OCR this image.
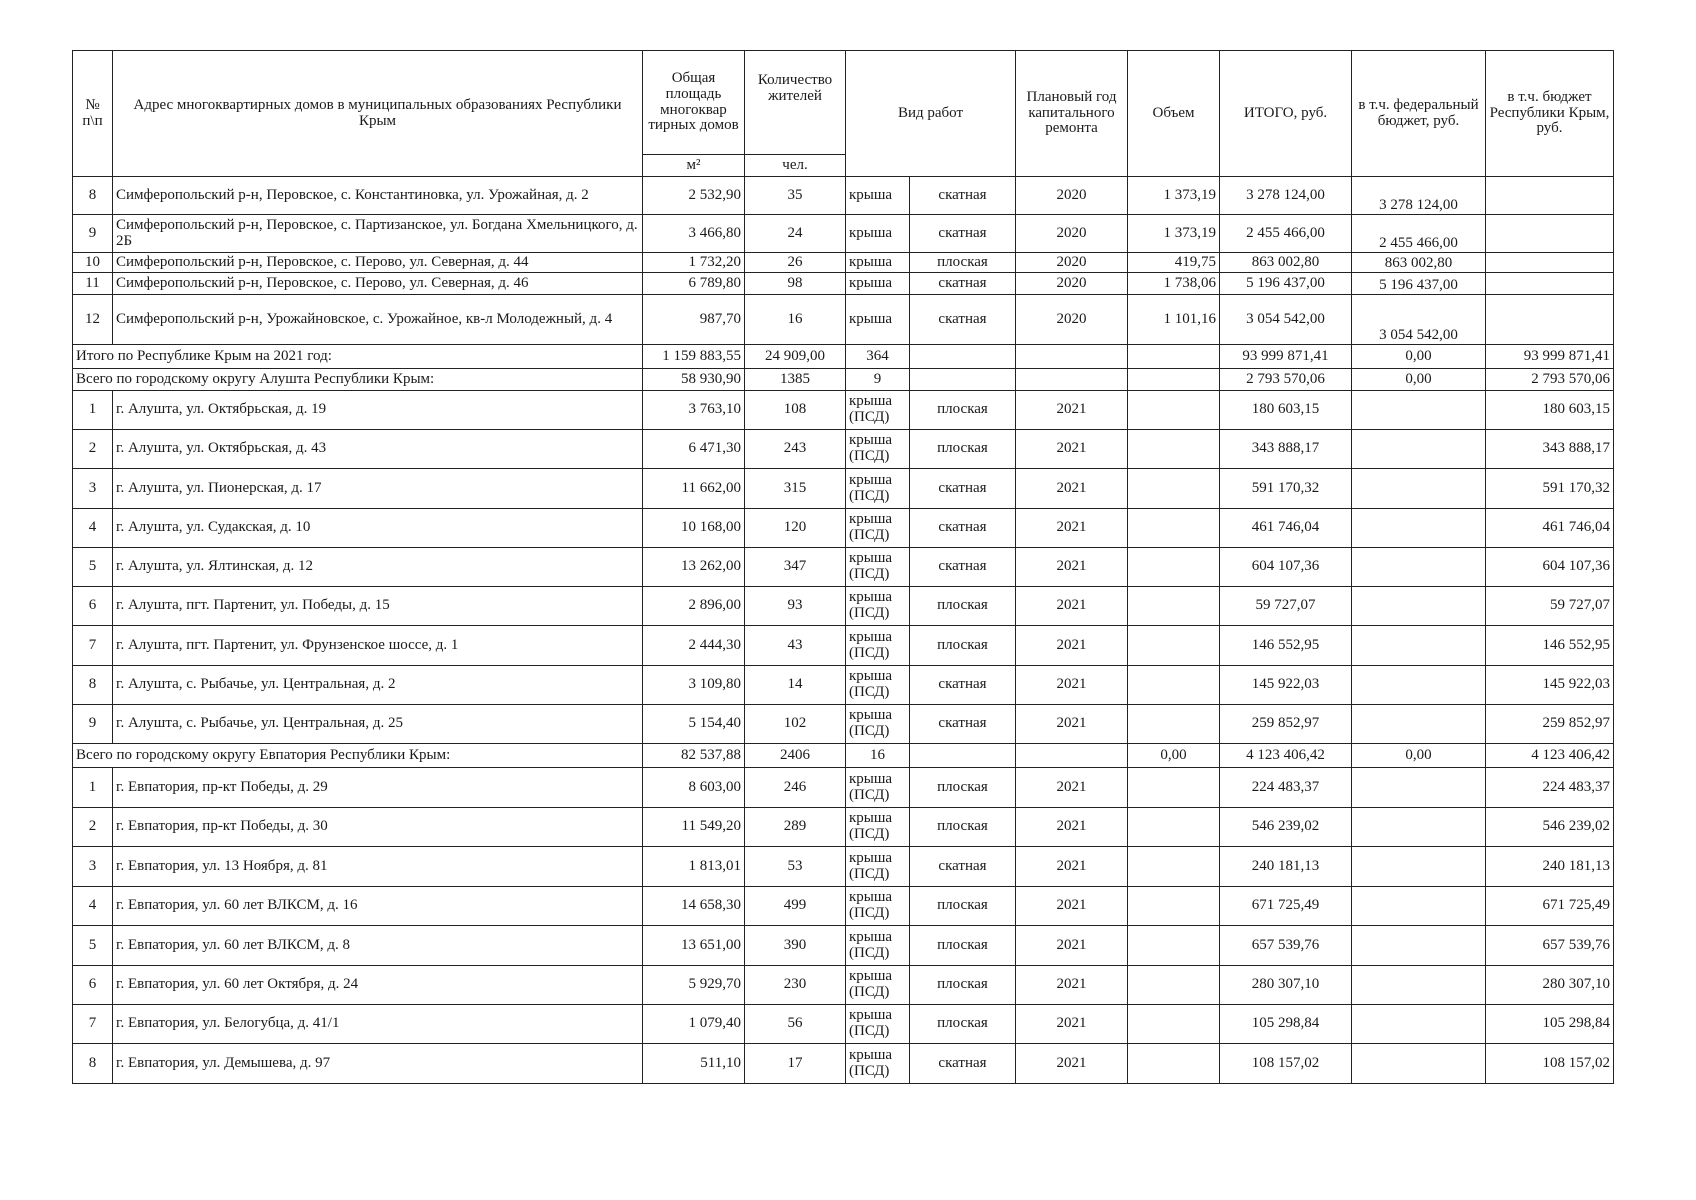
№ п\п	Адрес многоквартирных домов в муниципальных образованиях Республики Крым	Общая площадь многоквар тирных домов	Количество жителей	Вид работ		Плановый год капитального ремонта	Объем	ИТОГО, руб.	в т.ч. федеральный бюджет, руб.	в т.ч. бюджет Республики Крым, руб.
		м²	чел.							
8	Симферопольский р-н, Перовское, с. Константиновка, ул. Урожайная, д. 2	2 532,90	35	крыша	скатная	2020	1 373,19	3 278 124,00	3 278 124,00	
9	Симферопольский р-н, Перовское, с. Партизанское, ул. Богдана Хмельницкого, д. 2Б	3 466,80	24	крыша	скатная	2020	1 373,19	2 455 466,00	2 455 466,00	
10	Симферопольский р-н, Перовское, с. Перово, ул. Северная, д. 44	1 732,20	26	крыша	плоская	2020	419,75	863 002,80	863 002,80	
11	Симферопольский р-н, Перовское, с. Перово, ул. Северная, д. 46	6 789,80	98	крыша	скатная	2020	1 738,06	5 196 437,00	5 196 437,00	
12	Симферопольский р-н, Урожайновское, с. Урожайное, кв-л Молодежный, д. 4	987,70	16	крыша	скатная	2020	1 101,16	3 054 542,00	3 054 542,00	
Итого по Республике Крым на 2021 год:		1 159 883,55	24 909,00	364				93 999 871,41	0,00	93 999 871,41
Всего по городскому округу Алушта Республики Крым:		58 930,90	1385	9				2 793 570,06	0,00	2 793 570,06
1	г. Алушта, ул. Октябрьская, д. 19	3 763,10	108	крыша (ПСД)	плоская	2021		180 603,15		180 603,15
2	г. Алушта, ул. Октябрьская, д. 43	6 471,30	243	крыша (ПСД)	плоская	2021		343 888,17		343 888,17
3	г. Алушта, ул. Пионерская, д. 17	11 662,00	315	крыша (ПСД)	скатная	2021		591 170,32		591 170,32
4	г. Алушта, ул. Судакская, д. 10	10 168,00	120	крыша (ПСД)	скатная	2021		461 746,04		461 746,04
5	г. Алушта, ул. Ялтинская, д. 12	13 262,00	347	крыша (ПСД)	скатная	2021		604 107,36		604 107,36
6	г. Алушта, пгт. Партенит, ул. Победы, д. 15	2 896,00	93	крыша (ПСД)	плоская	2021		59 727,07		59 727,07
7	г. Алушта, пгт. Партенит, ул. Фрунзенское шоссе, д. 1	2 444,30	43	крыша (ПСД)	плоская	2021		146 552,95		146 552,95
8	г. Алушта, с. Рыбачье, ул. Центральная, д. 2	3 109,80	14	крыша (ПСД)	скатная	2021		145 922,03		145 922,03
9	г. Алушта, с. Рыбачье, ул. Центральная, д. 25	5 154,40	102	крыша (ПСД)	скатная	2021		259 852,97		259 852,97
Всего по городскому округу Евпатория Республики Крым:		82 537,88	2406	16			0,00	4 123 406,42	0,00	4 123 406,42
1	г. Евпатория, пр-кт Победы, д. 29	8 603,00	246	крыша (ПСД)	плоская	2021		224 483,37		224 483,37
2	г. Евпатория, пр-кт Победы, д. 30	11 549,20	289	крыша (ПСД)	плоская	2021		546 239,02		546 239,02
3	г. Евпатория, ул. 13 Ноября, д. 81	1 813,01	53	крыша (ПСД)	скатная	2021		240 181,13		240 181,13
4	г. Евпатория, ул. 60 лет ВЛКСМ, д. 16	14 658,30	499	крыша (ПСД)	плоская	2021		671 725,49		671 725,49
5	г. Евпатория, ул. 60 лет ВЛКСМ, д. 8	13 651,00	390	крыша (ПСД)	плоская	2021		657 539,76		657 539,76
6	г. Евпатория, ул. 60 лет Октября, д. 24	5 929,70	230	крыша (ПСД)	плоская	2021		280 307,10		280 307,10
7	г. Евпатория, ул. Белогубца, д. 41/1	1 079,40	56	крыша (ПСД)	плоская	2021		105 298,84		105 298,84
8	г. Евпатория, ул. Демышева, д. 97	511,10	17	крыша (ПСД)	скатная	2021		108 157,02		108 157,02
